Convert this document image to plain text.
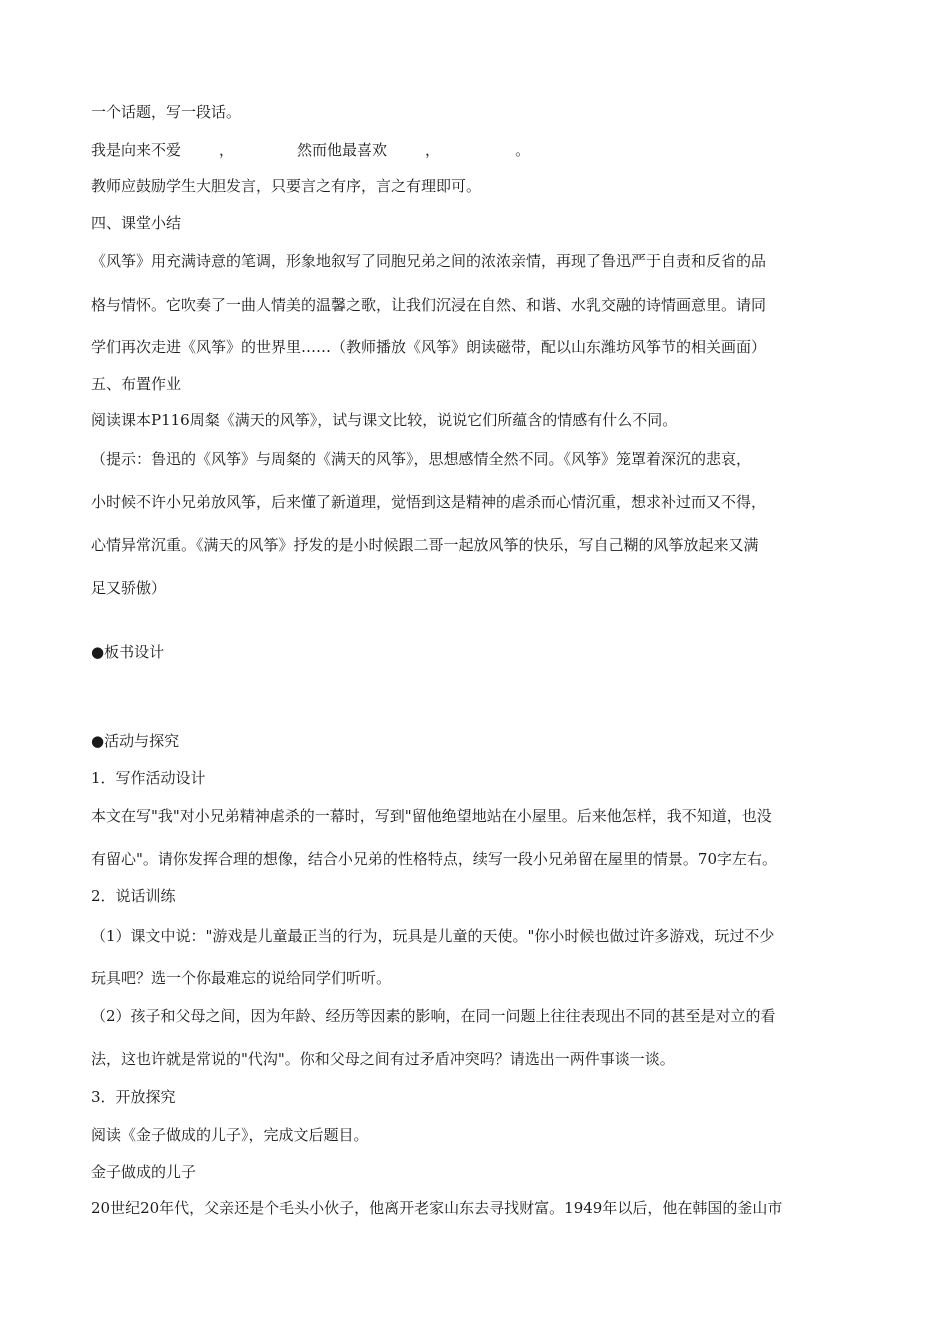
一个话题，写一段话。
我是向来不爱	，	然而他最喜欢	，	。
教师应鼓励学生大胆发言，只要言之有序，言之有理即可。
四、课堂小结
《风筝》用充满诗意的笔调，形象地叙写了同胞兄弟之间的浓浓亲情，再现了鲁迅严于自责和反省的品
格与情怀。它吹奏了一曲人情美的温馨之歌，让我们沉浸在自然、和谐、水乳交融的诗情画意里。请同
学们再次走进《风筝》的世界里……（教师播放《风筝》朗读磁带，配以山东潍坊风筝节的相关画面）
五、布置作业
阅读课本P116周粲《满天的风筝》，试与课文比较，说说它们所蕴含的情感有什么不同。
（提示：鲁迅的《风筝》与周粲的《满天的风筝》，思想感情全然不同。《风筝》笼罩着深沉的悲哀，
小时候不许小兄弟放风筝，后来懂了新道理，觉悟到这是精神的虐杀而心情沉重，想求补过而又不得，
心情异常沉重。《满天的风筝》抒发的是小时候跟二哥一起放风筝的快乐，写自己糊的风筝放起来又满
足又骄傲）
●板书设计
●活动与探究
1．写作活动设计
本文在写"我"对小兄弟精神虐杀的一幕时，写到"留他绝望地站在小屋里。后来他怎样，我不知道，也没
有留心"。请你发挥合理的想像，结合小兄弟的性格特点，续写一段小兄弟留在屋里的情景。70字左右。
2．说话训练
（1）课文中说："游戏是儿童最正当的行为，玩具是儿童的天使。"你小时候也做过许多游戏，玩过不少
玩具吧？选一个你最难忘的说给同学们听听。
（2）孩子和父母之间，因为年龄、经历等因素的影响，在同一问题上往往表现出不同的甚至是对立的看
法，这也许就是常说的"代沟"。你和父母之间有过矛盾冲突吗？请选出一两件事谈一谈。
3．开放探究
阅读《金子做成的儿子》，完成文后题目。
金子做成的儿子
20世纪20年代，父亲还是个毛头小伙子，他离开老家山东去寻找财富。1949年以后，他在韩国的釜山市
